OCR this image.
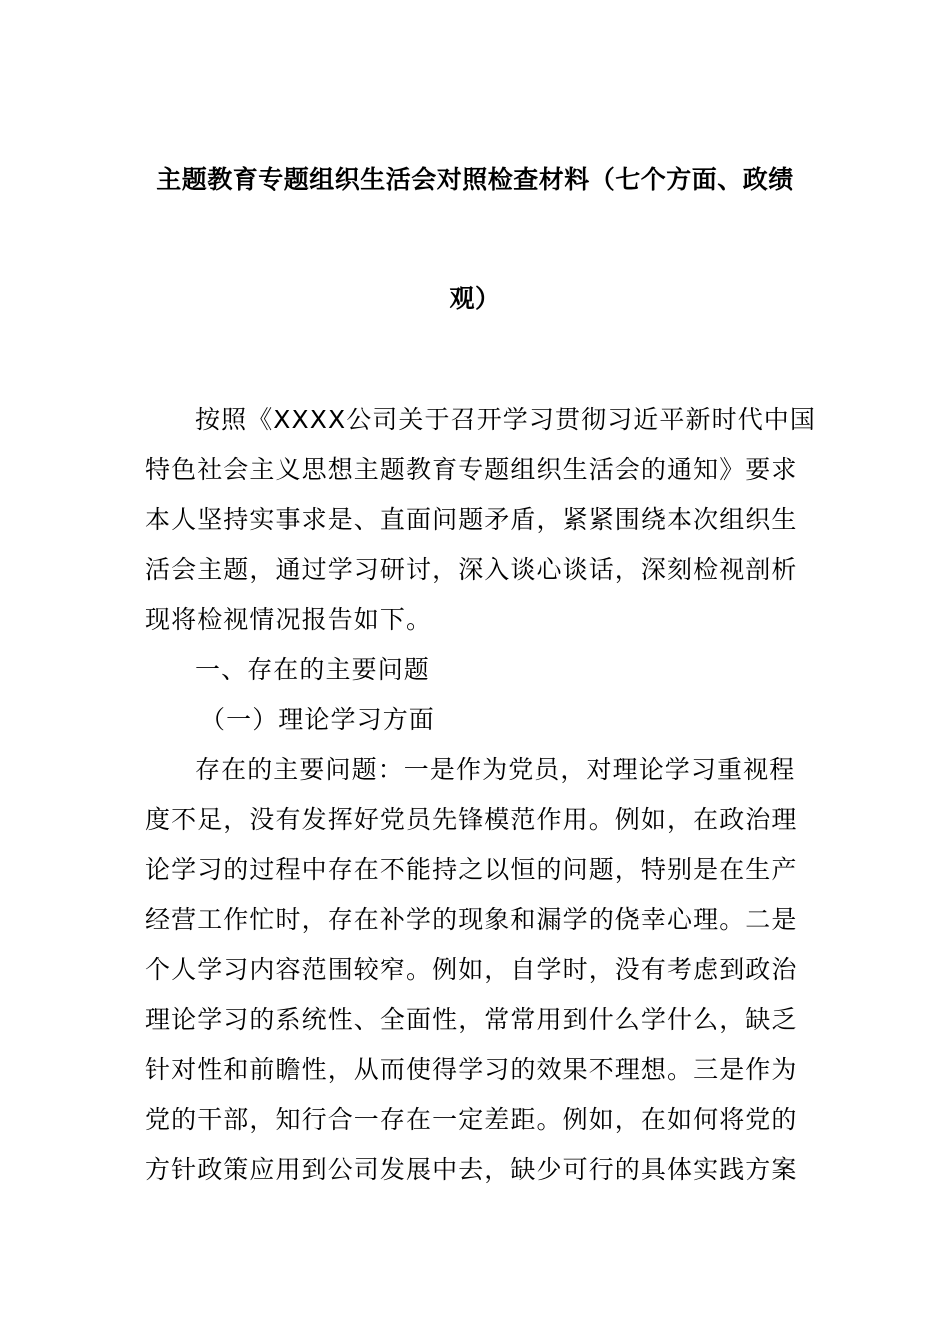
主题教育专题组织生活会对照检查材料（七个方面、政绩
观）
按照《XXXX公司关于召开学习贯彻习近平新时代中国
特色社会主义思想主题教育专题组织生活会的通知》要求
本人坚持实事求是、直面问题矛盾，紧紧围绕本次组织生
活会主题，通过学习研讨，深入谈心谈话，深刻检视剖析
现将检视情况报告如下。
一、存在的主要问题
（一）理论学习方面
存在的主要问题：一是作为党员，对理论学习重视程
度不足，没有发挥好党员先锋模范作用。例如，在政治理
论学习的过程中存在不能持之以恒的问题，特别是在生产
经营工作忙时，存在补学的现象和漏学的侥幸心理。二是
个人学习内容范围较窄。例如，自学时，没有考虑到政治
理论学习的系统性、全面性，常常用到什么学什么，缺乏
针对性和前瞻性，从而使得学习的效果不理想。三是作为
党的干部，知行合一存在一定差距。例如，在如何将党的
方针政策应用到公司发展中去，缺少可行的具体实践方案
